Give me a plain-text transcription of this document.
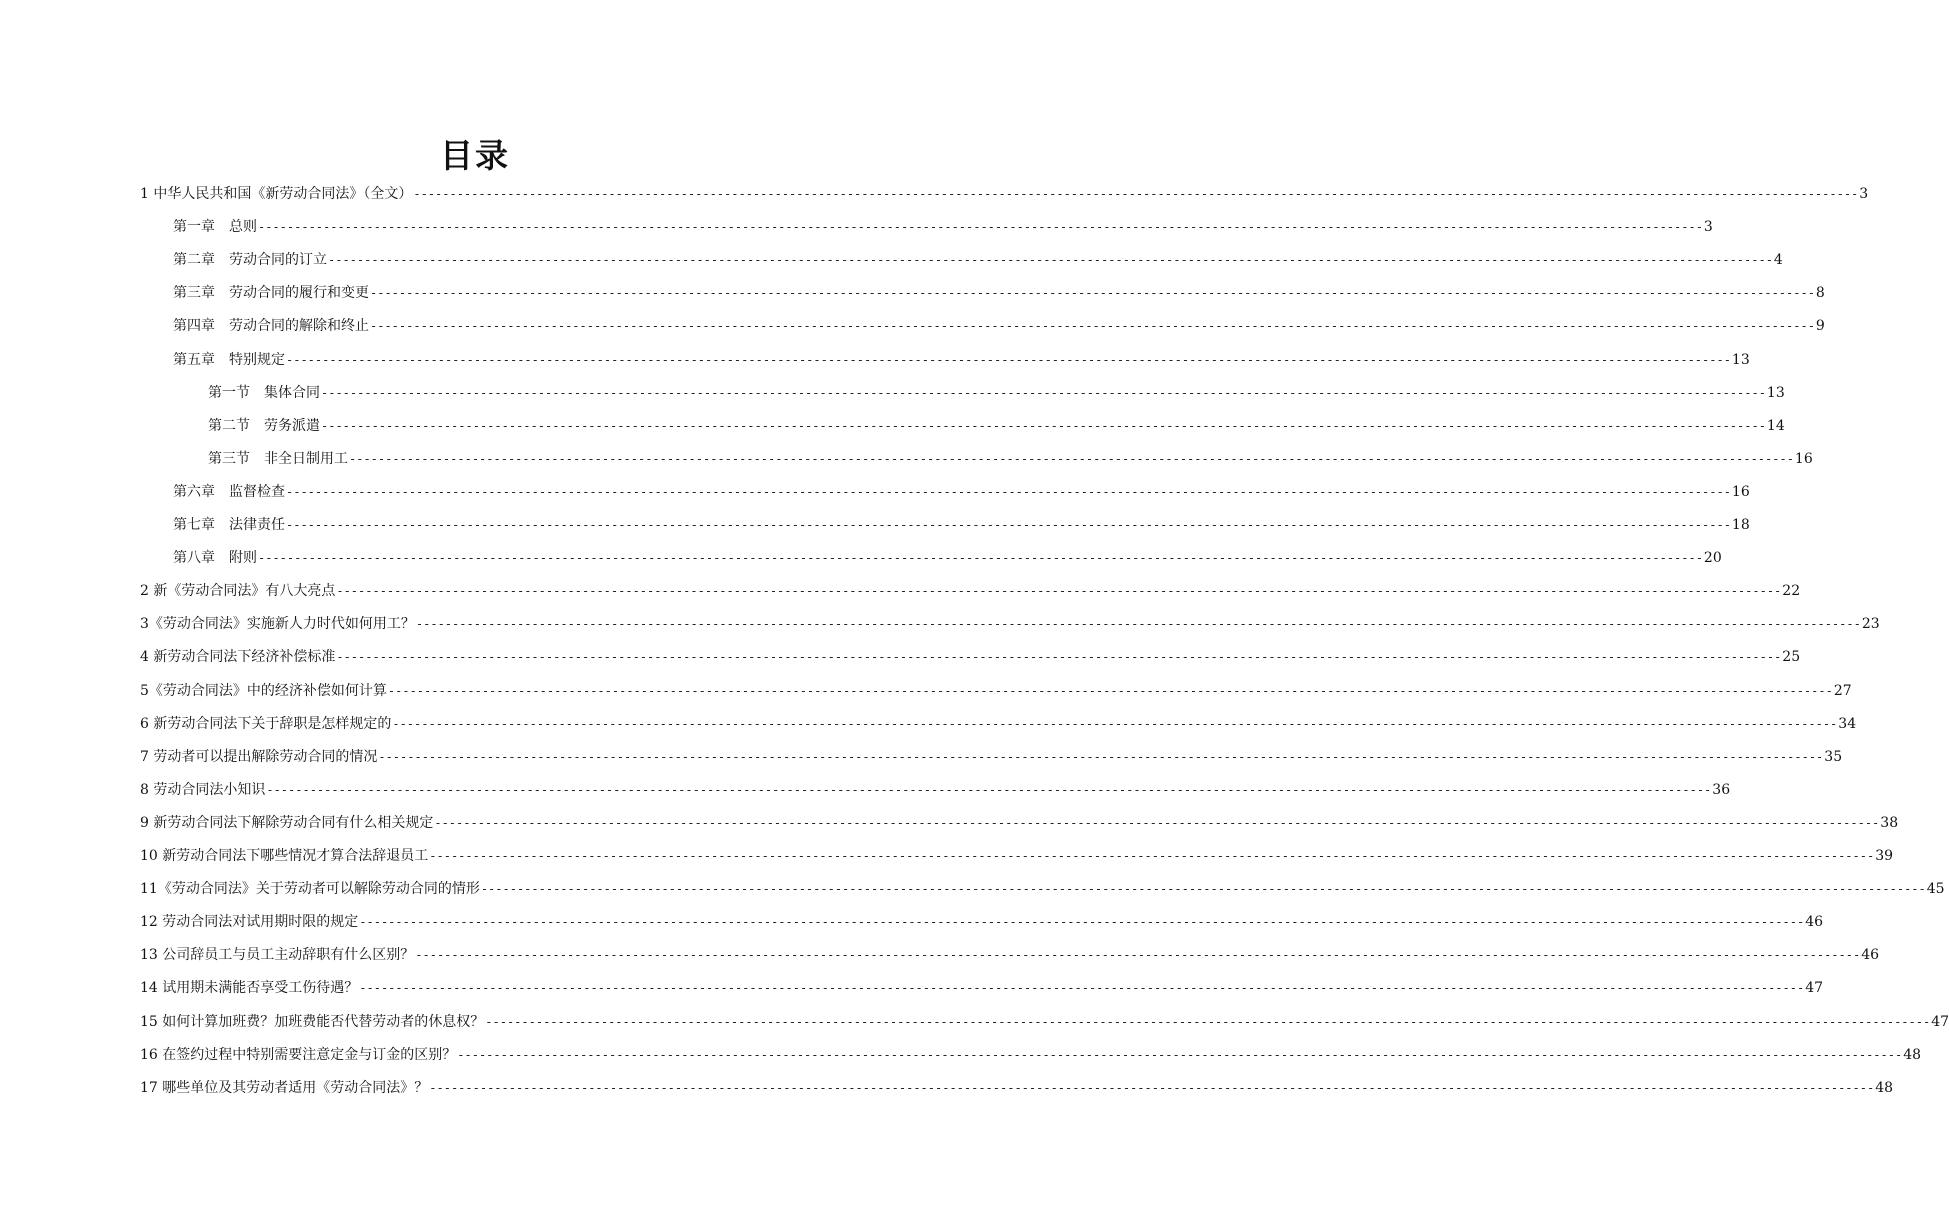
目录
1 中华人民共和国《新劳动合同法》（全文） -------------------------------------------------------------------------------------------------------------------------------------------------------------------------------------------------------- 3
第一章　总则 -------------------------------------------------------------------------------------------------------------------------------------------------------------------------------------------------------- 3
第二章　劳动合同的订立 -------------------------------------------------------------------------------------------------------------------------------------------------------------------------------------------------------- 4
第三章　劳动合同的履行和变更 -------------------------------------------------------------------------------------------------------------------------------------------------------------------------------------------------------- 8
第四章　劳动合同的解除和终止 -------------------------------------------------------------------------------------------------------------------------------------------------------------------------------------------------------- 9
第五章　特别规定 -------------------------------------------------------------------------------------------------------------------------------------------------------------------------------------------------------- 13
第一节　集体合同 -------------------------------------------------------------------------------------------------------------------------------------------------------------------------------------------------------- 13
第二节　劳务派遣 -------------------------------------------------------------------------------------------------------------------------------------------------------------------------------------------------------- 14
第三节　非全日制用工 -------------------------------------------------------------------------------------------------------------------------------------------------------------------------------------------------------- 16
第六章　监督检查 -------------------------------------------------------------------------------------------------------------------------------------------------------------------------------------------------------- 16
第七章　法律责任 -------------------------------------------------------------------------------------------------------------------------------------------------------------------------------------------------------- 18
第八章　附则 -------------------------------------------------------------------------------------------------------------------------------------------------------------------------------------------------------- 20
2 新《劳动合同法》有八大亮点 -------------------------------------------------------------------------------------------------------------------------------------------------------------------------------------------------------- 22
3《劳动合同法》实施新人力时代如何用工？ -------------------------------------------------------------------------------------------------------------------------------------------------------------------------------------------------------- 23
4 新劳动合同法下经济补偿标准 -------------------------------------------------------------------------------------------------------------------------------------------------------------------------------------------------------- 25
5《劳动合同法》中的经济补偿如何计算 -------------------------------------------------------------------------------------------------------------------------------------------------------------------------------------------------------- 27
6 新劳动合同法下关于辞职是怎样规定的 -------------------------------------------------------------------------------------------------------------------------------------------------------------------------------------------------------- 34
7 劳动者可以提出解除劳动合同的情况 -------------------------------------------------------------------------------------------------------------------------------------------------------------------------------------------------------- 35
8 劳动合同法小知识 -------------------------------------------------------------------------------------------------------------------------------------------------------------------------------------------------------- 36
9 新劳动合同法下解除劳动合同有什么相关规定 -------------------------------------------------------------------------------------------------------------------------------------------------------------------------------------------------------- 38
10 新劳动合同法下哪些情况才算合法辞退员工 -------------------------------------------------------------------------------------------------------------------------------------------------------------------------------------------------------- 39
11《劳动合同法》关于劳动者可以解除劳动合同的情形 -------------------------------------------------------------------------------------------------------------------------------------------------------------------------------------------------------- 45
12 劳动合同法对试用期时限的规定 -------------------------------------------------------------------------------------------------------------------------------------------------------------------------------------------------------- 46
13 公司辞员工与员工主动辞职有什么区别？ -------------------------------------------------------------------------------------------------------------------------------------------------------------------------------------------------------- 46
14 试用期未满能否享受工伤待遇？ -------------------------------------------------------------------------------------------------------------------------------------------------------------------------------------------------------- 47
15 如何计算加班费？加班费能否代替劳动者的休息权？ -------------------------------------------------------------------------------------------------------------------------------------------------------------------------------------------------------- 47
16 在签约过程中特别需要注意定金与订金的区别？ -------------------------------------------------------------------------------------------------------------------------------------------------------------------------------------------------------- 48
17 哪些单位及其劳动者适用《劳动合同法》？ -------------------------------------------------------------------------------------------------------------------------------------------------------------------------------------------------------- 48
